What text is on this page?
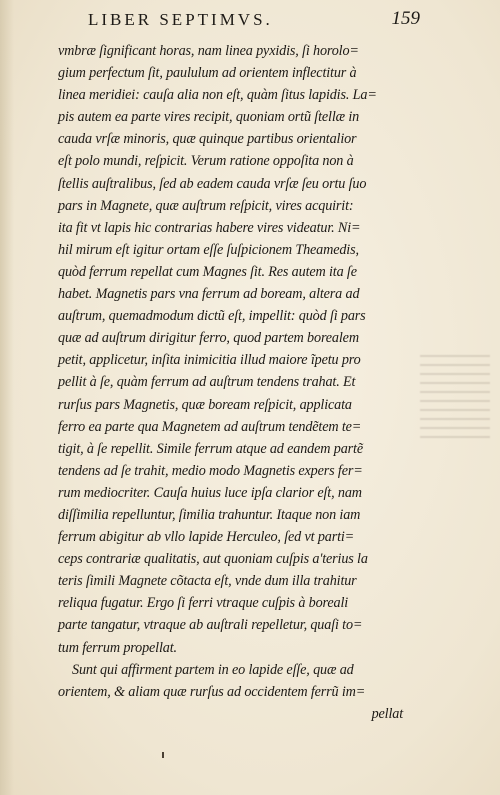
LIBER SEPTIMVS.	159
vmbræ ſignificant horas, nam linea pyxidis, ſi horolo=
gium perfectum ſit, paululum ad orientem inflectitur à
linea meridiei: cauſa alia non eſt, quàm ſitus lapidis. La=
pis autem ea parte vires recipit, quoniam ortũ ſtellæ in
cauda vrſæ minoris, quæ quinque partibus orientalior
eſt polo mundi, reſpicit. Verum ratione oppoſita non à
ſtellis auſtralibus, ſed ab eadem cauda vrſæ ſeu ortu ſuo
pars in Magnete, quæ auſtrum reſpicit, vires acquirit:
ita fit vt lapis hic contrarias habere vires videatur. Ni=
hil mirum eſt igitur ortam eſſe ſuſpicionem Theamedis,
quòd ferrum repellat cum Magnes ſit. Res autem ita ſe
habet. Magnetis pars vna ferrum ad boream, altera ad
auſtrum, quemadmodum dictũ eſt, impellit: quòd ſi pars
quæ ad auſtrum dirigitur ferro, quod partem borealem
petit, applicetur, inſita inimicitia illud maiore ĩpetu pro
pellit à ſe, quàm ferrum ad auſtrum tendens trahat. Et
rurſus pars Magnetis, quæ boream reſpicit, applicata
ferro ea parte qua Magnetem ad auſtrum tendẽtem te=
tigit, à ſe repellit. Simile ferrum atque ad eandem partẽ
tendens ad ſe trahit, medio modo Magnetis expers fer=
rum mediocriter. Cauſa huius luce ipſa clarior eſt, nam
diſſimilia repelluntur, ſimilia trahuntur. Itaque non iam
ferrum abigitur ab vllo lapide Herculeo, ſed vt parti=
ceps contrariæ qualitatis, aut quoniam cuſpis a'terius la
teris ſimili Magnete cõtacta eſt, vnde dum illa trahitur
reliqua fugatur. Ergo ſi ferri vtraque cuſpis à boreali
parte tangatur, vtraque ab auſtrali repelletur, quaſi to=
tum ferrum propellat.
Sunt qui affirment partem in eo lapide eſſe, quæ ad
orientem, & aliam quæ rurſus ad occidentem ferrũ im=
pellat
